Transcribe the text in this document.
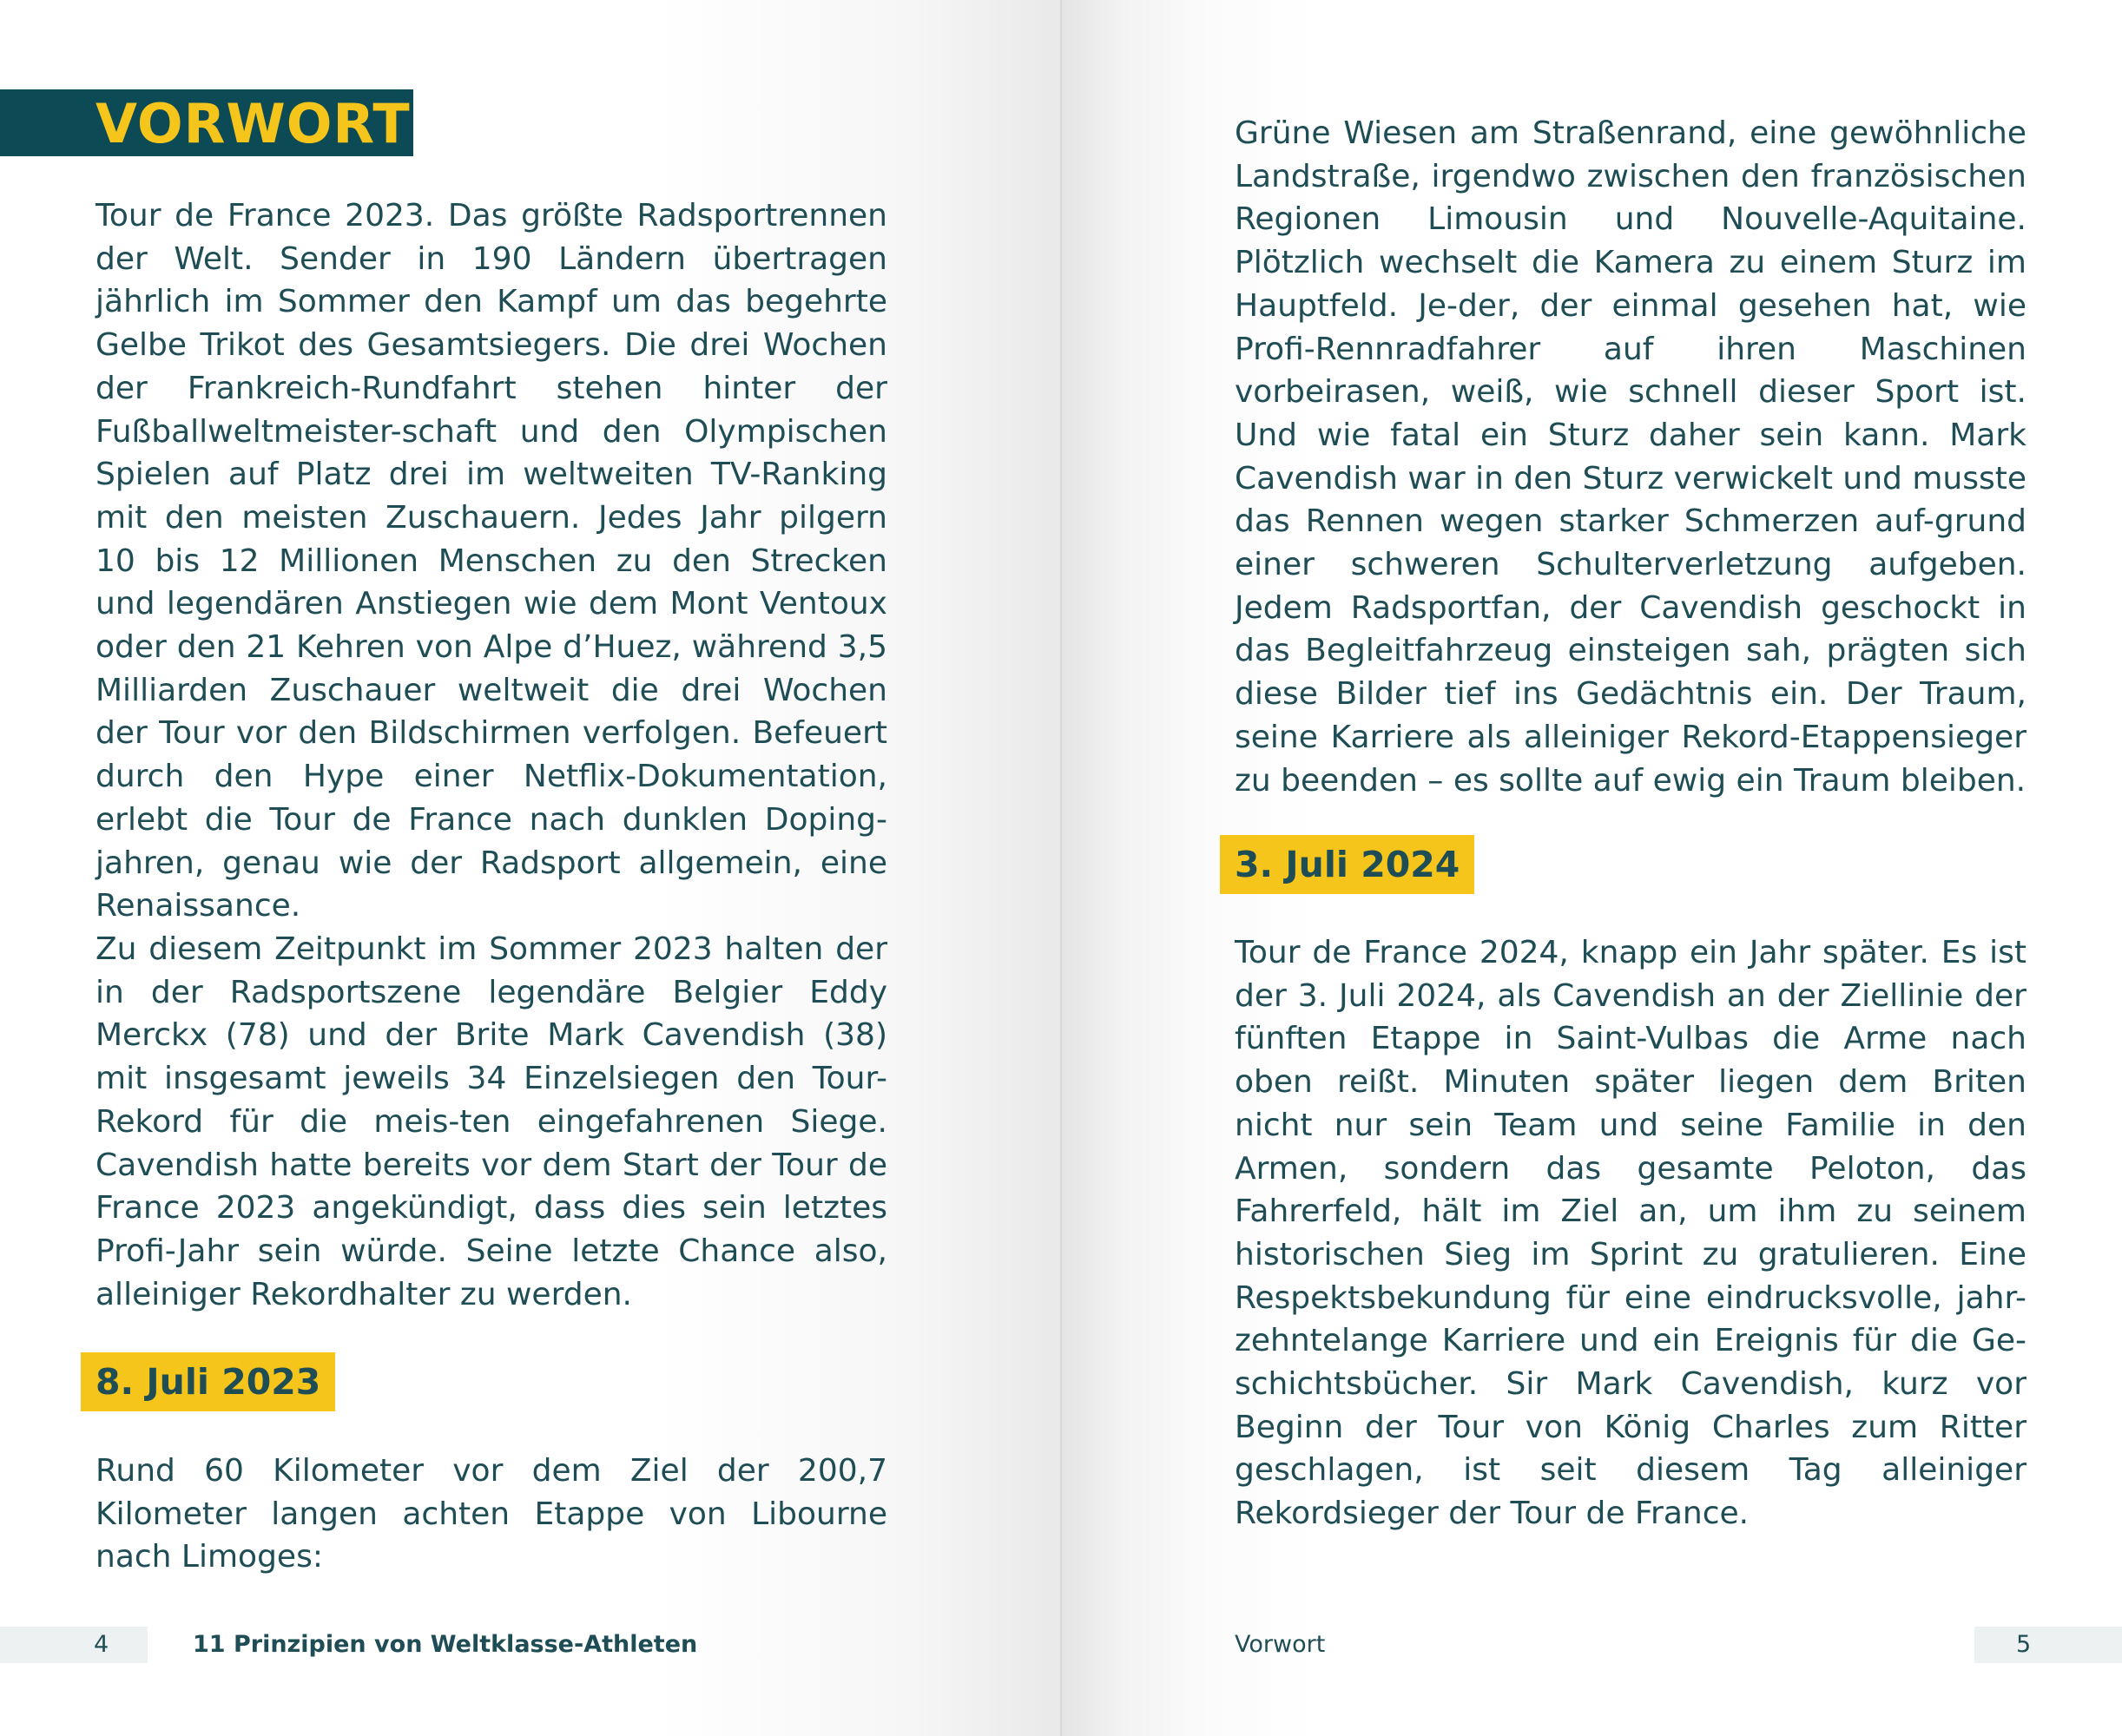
VORWORT

Tour de France 2023. Das größte Radsportrennen der Welt. Sender in 190 Ländern übertragen jährlich im Sommer den Kampf um das begehrte Gelbe Trikot des Gesamtsiegers. Die drei Wochen der Frankreich-Rundfahrt stehen hinter der Fußballweltmeister-schaft und den Olympischen Spielen auf Platz drei im weltweiten TV-Ranking mit den meisten Zuschauern. Jedes Jahr pilgern 10 bis 12 Millionen Menschen zu den Strecken und legendären Anstiegen wie dem Mont Ventoux oder den 21 Kehren von Alpe d’Huez, während 3,5 Milliarden Zuschauer weltweit die drei Wochen der Tour vor den Bildschirmen verfolgen. Befeuert durch den Hype einer Netflix-Dokumentation, erlebt die Tour de France nach dunklen Doping-jahren, genau wie der Radsport allgemein, eine Renaissance.

Zu diesem Zeitpunkt im Sommer 2023 halten der in der Radsportszene legendäre Belgier Eddy Merckx (78) und der Brite Mark Cavendish (38) mit insgesamt jeweils 34 Einzelsiegen den Tour-Rekord für die meis-ten eingefahrenen Siege. Cavendish hatte bereits vor dem Start der Tour de France 2023 angekündigt, dass dies sein letztes Profi-Jahr sein würde. Seine letzte Chance also, alleiniger Rekordhalter zu werden.

8. Juli 2023

Rund 60 Kilometer vor dem Ziel der 200,7 Kilometer langen achten Etappe von Libourne nach Limoges:

4	11 Prinzipien von Weltklasse-Athleten

Grüne Wiesen am Straßenrand, eine gewöhnliche Landstraße, irgendwo zwischen den französischen Regionen Limousin und Nouvelle-Aquitaine. Plötzlich wechselt die Kamera zu einem Sturz im Hauptfeld. Je-der, der einmal gesehen hat, wie Profi-Rennradfahrer auf ihren Maschinen vorbeirasen, weiß, wie schnell dieser Sport ist. Und wie fatal ein Sturz daher sein kann. Mark Cavendish war in den Sturz verwickelt und musste das Rennen wegen starker Schmerzen auf-grund einer schweren Schulterverletzung aufgeben. Jedem Radsportfan, der Cavendish geschockt in das Begleitfahrzeug einsteigen sah, prägten sich diese Bilder tief ins Gedächtnis ein. Der Traum, seine Karriere als alleiniger Rekord-Etappensieger zu beenden – es sollte auf ewig ein Traum bleiben.

3. Juli 2024

Tour de France 2024, knapp ein Jahr später. Es ist der 3. Juli 2024, als Cavendish an der Ziellinie der fünften Etappe in Saint-Vulbas die Arme nach oben reißt. Minuten später liegen dem Briten nicht nur sein Team und seine Familie in den Armen, sondern das gesamte Peloton, das Fahrerfeld, hält im Ziel an, um ihm zu seinem historischen Sieg im Sprint zu gratulieren. Eine Respektsbekundung für eine eindrucksvolle, jahr-zehntelange Karriere und ein Ereignis für die Ge-schichtsbücher. Sir Mark Cavendish, kurz vor Beginn der Tour von König Charles zum Ritter geschlagen, ist seit diesem Tag alleiniger Rekordsieger der Tour de France.

Vorwort	5
